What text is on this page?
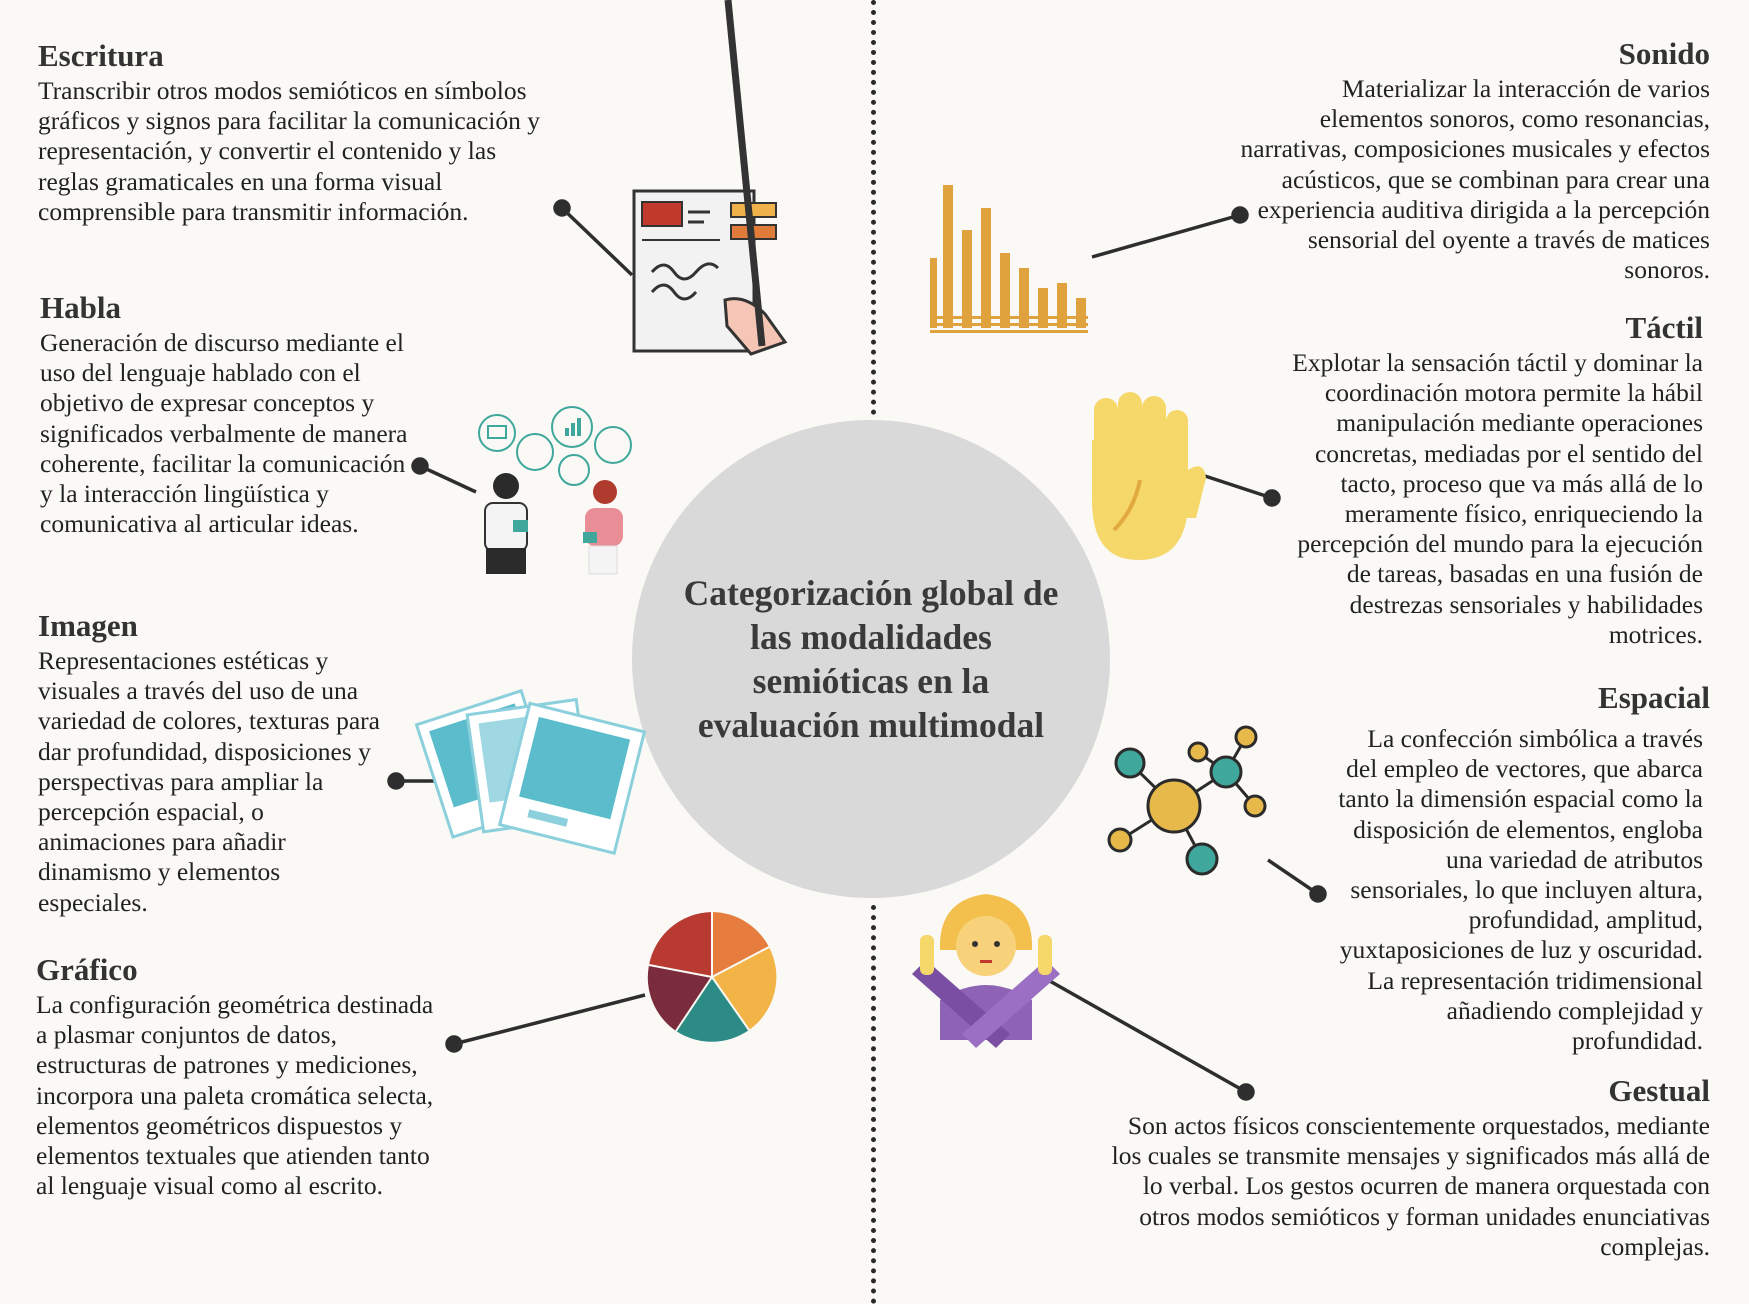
Escritura

Transcribir otros modos semióticos en símbolos gráficos y signos para facilitar la comunicación y representación, y convertir el contenido y las reglas gramaticales en una forma visual comprensible para transmitir información.

Habla

Generación de discurso mediante el uso del lenguaje hablado con el objetivo de expresar conceptos y significados verbalmente de manera coherente, facilitar la comunicación y la interacción lingüística y comunicativa al articular ideas.

Imagen

Representaciones estéticas y visuales a través del uso de una variedad de colores, texturas para dar profundidad, disposiciones y perspectivas para ampliar la percepción espacial, o animaciones para añadir dinamismo y elementos especiales.

Gráfico

La configuración geométrica destinada a plasmar conjuntos de datos, estructuras de patrones y mediciones, incorpora una paleta cromática selecta, elementos geométricos dispuestos y elementos textuales que atienden tanto al lenguaje visual como al escrito.

Sonido

Materializar la interacción de varios elementos sonoros, como resonancias, narrativas, composiciones musicales y efectos acústicos, que se combinan para crear una experiencia auditiva dirigida a la percepción sensorial del oyente a través de matices sonoros.

Táctil

Explotar la sensación táctil y dominar la coordinación motora permite la hábil manipulación mediante operaciones concretas, mediadas por el sentido del tacto, proceso que va más allá de lo meramente físico, enriqueciendo la percepción del mundo para la ejecución de tareas, basadas en una fusión de destrezas sensoriales y habilidades motrices.

Espacial

La confección simbólica a través del empleo de vectores, que abarca tanto la dimensión espacial como la disposición de elementos, engloba una variedad de atributos sensoriales, lo que incluyen altura, profundidad, amplitud, yuxtaposiciones de luz y oscuridad. La representación tridimensional añadiendo complejidad y profundidad.

Gestual

Son actos físicos conscientemente orquestados, mediante los cuales se transmite mensajes y significados más allá de lo verbal. Los gestos ocurren de manera orquestada con otros modos semióticos y forman unidades enunciativas complejas.

Categorización global de las modalidades semióticas en la evaluación multimodal
